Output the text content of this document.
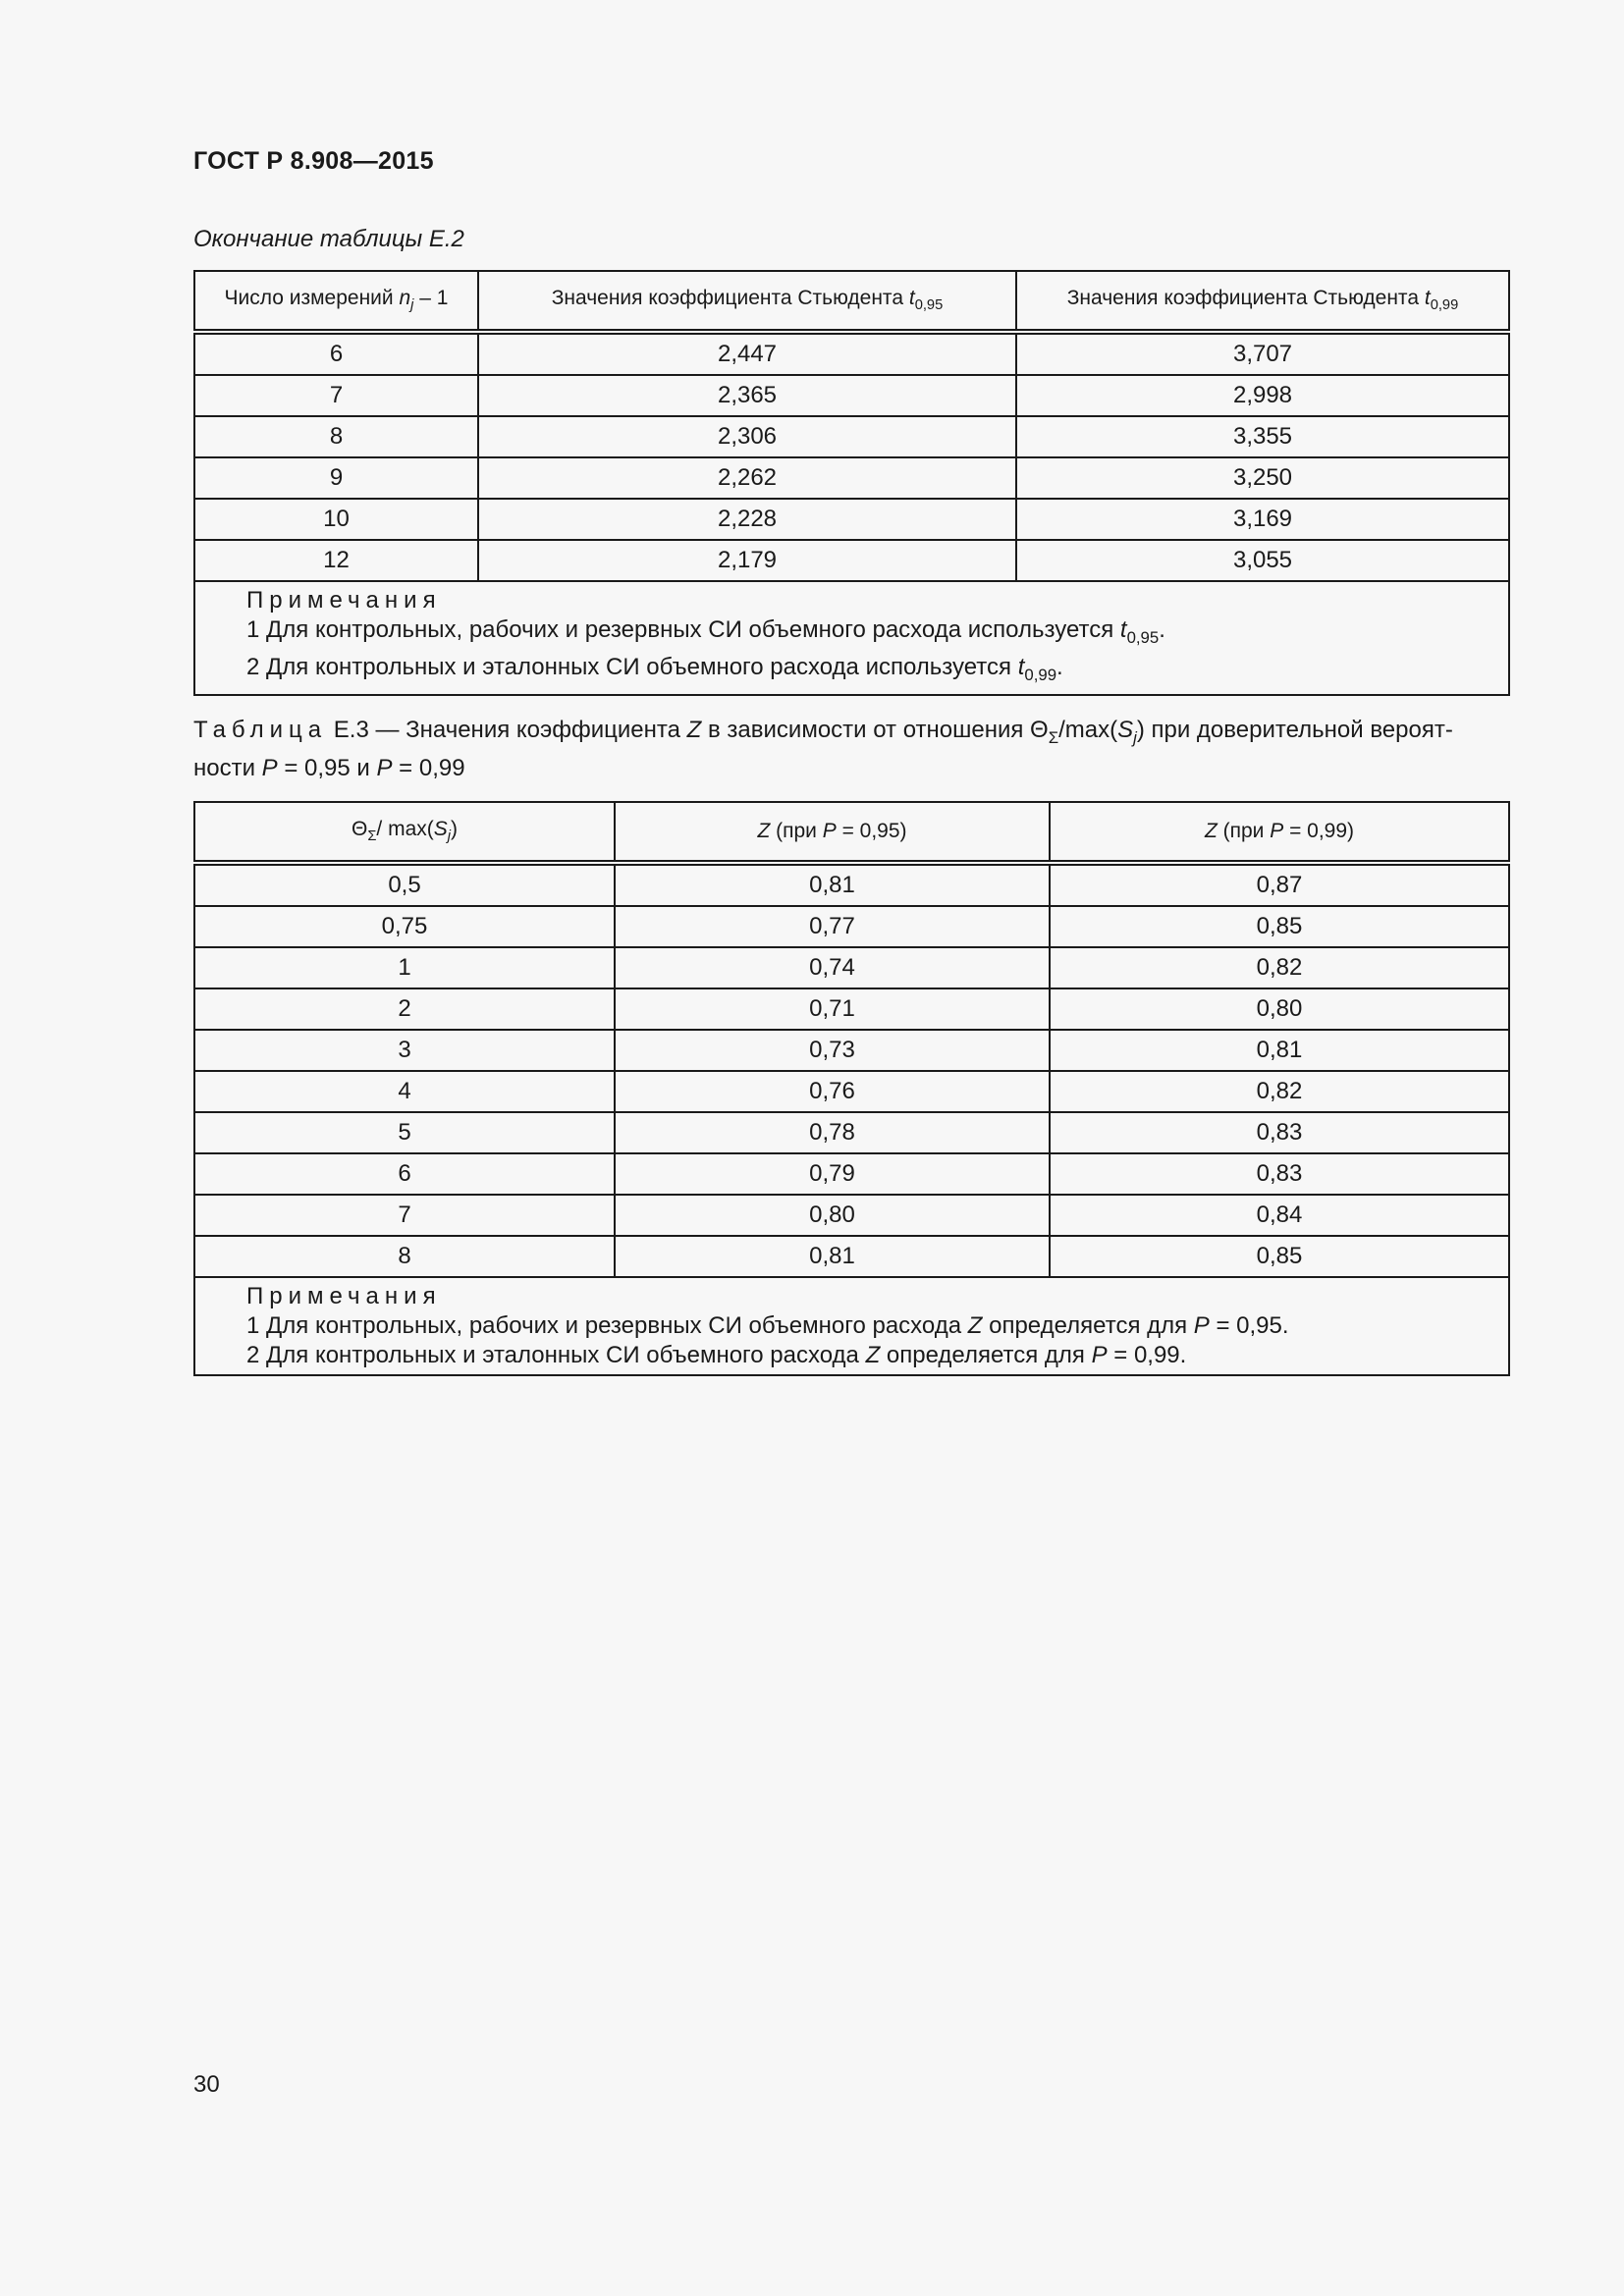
ГОСТ Р 8.908—2015
Окончание таблицы Е.2
Число измерений $n_j - 1$	Значения коэффициента Стьюдента $t_{0,95}$	Значения коэффициента Стьюдента $t_{0,99}$
6	2,447	3,707
7	2,365	2,998
8	2,306	3,355
9	2,262	3,250
10	2,228	3,169
12	2,179	3,055

Примечания
1 Для контрольных, рабочих и резервных СИ объемного расхода используется $t_{0,95}$.
2 Для контрольных и эталонных СИ объемного расхода используется $t_{0,99}$.		
Таблица Е.3 — Значения коэффициента Z в зависимости от отношения $\Theta_\Sigma/\max(S_j)$ при доверительной вероят-
ности P = 0,95 и P = 0,99
$\Theta_\Sigma/$ $\max(S_j)$	Z (при P = 0,95)	Z (при P = 0,99)
0,5	0,81	0,87
0,75	0,77	0,85
1	0,74	0,82
2	0,71	0,80
3	0,73	0,81
4	0,76	0,82
5	0,78	0,83
6	0,79	0,83
7	0,80	0,84
8	0,81	0,85

Примечания
1 Для контрольных, рабочих и резервных СИ объемного расхода Z определяется для P = 0,95.
2 Для контрольных и эталонных СИ объемного расхода Z определяется для P = 0,99.		
30
